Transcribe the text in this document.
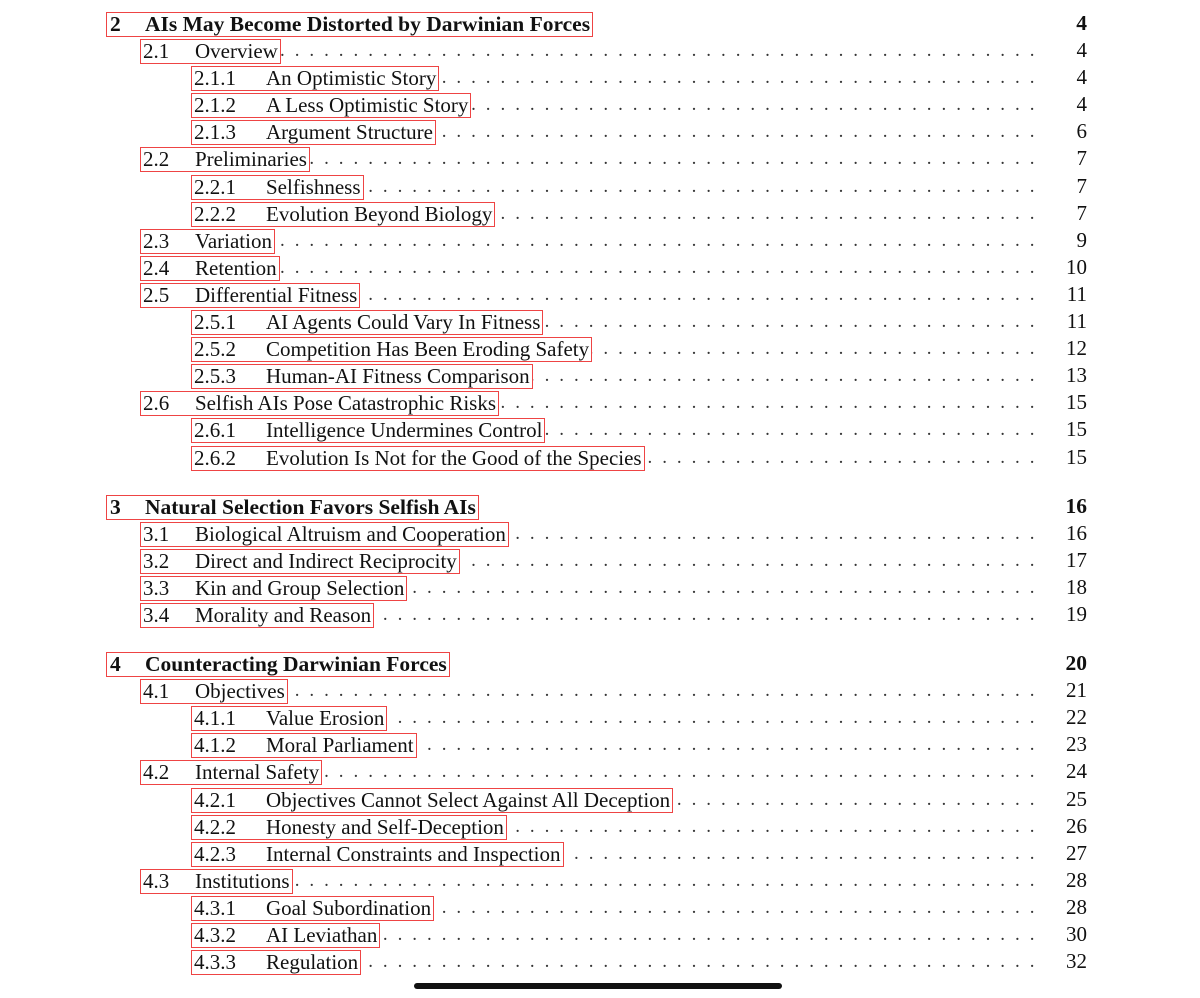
2 AIs May Become Distorted by Darwinian Forces	4
2.1 Overview . . .	4
2.1.1 An Optimistic Story . . .	4
2.1.2 A Less Optimistic Story . . .	4
2.1.3 Argument Structure . . .	6
2.2 Preliminaries . . .	7
2.2.1 Selfishness . . .	7
2.2.2 Evolution Beyond Biology . . .	7
2.3 Variation . . .	9
2.4 Retention . . .	10
2.5 Differential Fitness . . .	11
2.5.1 AI Agents Could Vary In Fitness . . .	11
2.5.2 Competition Has Been Eroding Safety . . .	12
2.5.3 Human-AI Fitness Comparison . . .	13
2.6 Selfish AIs Pose Catastrophic Risks . . .	15
2.6.1 Intelligence Undermines Control . . .	15
2.6.2 Evolution Is Not for the Good of the Species . . .	15
3 Natural Selection Favors Selfish AIs	16
3.1 Biological Altruism and Cooperation . . .	16
3.2 Direct and Indirect Reciprocity . . .	17
3.3 Kin and Group Selection . . .	18
3.4 Morality and Reason . . .	19
4 Counteracting Darwinian Forces	20
4.1 Objectives . . .	21
4.1.1 Value Erosion . . .	22
4.1.2 Moral Parliament . . .	23
4.2 Internal Safety . . .	24
4.2.1 Objectives Cannot Select Against All Deception . . .	25
4.2.2 Honesty and Self-Deception . . .	26
4.2.3 Internal Constraints and Inspection . . .	27
4.3 Institutions . . .	28
4.3.1 Goal Subordination . . .	28
4.3.2 AI Leviathan . . .	30
4.3.3 Regulation . . .	32
